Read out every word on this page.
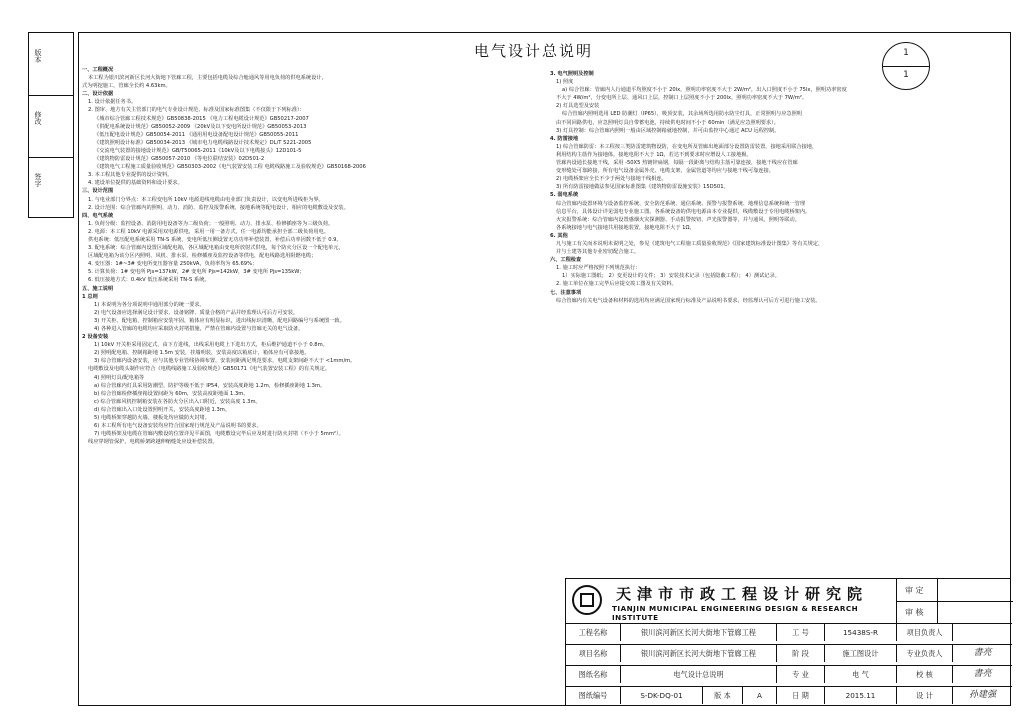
版本
修改
签字
电气设计总说明	1
1

一、工程概况

本工程为银川滨河新区长河大街地下管廊工程，主要包括电缆及综合舱通风等用电负荷的供电系统设计，

式为明挖施工，管廊全长约 4.63km。

二、设计依据

1. 设计依据任务书。

2. 图审、地方有关主管部门的电气专业设计规范、标准及国家标准图集（不仅限于下列标准）：

《城市综合管廊工程技术规范》GB50838-2015 《电力工程电缆设计规范》GB50217-2007

《供配电系统设计规范》GB50052-2009 《20kV及以下变电所设计规范》GB50053-2013

《低压配电设计规范》GB50054-2011 《通用用电设备配电设计规范》GB50055-2011

《建筑照明设计标准》GB50034-2013 《城市电力电缆线路设计技术规定》DL/T 5221-2005

《交流电气装置的接地设计规范》GB/T50065-2011《10kV及以下电缆接头》12D101-5

《建筑物防雷设计规范》GB50057-2010 《等电位联结安装》02D501-2

《建筑电气工程施工质量验收规范》GB50303-2002《电气装置安装工程 电缆线路施工及验收规范》GB50168-2006

3. 本工程其他专业提供的设计资料。

4. 建设单位提供的基础资料和设计要求。

三、设计范围

1. 与电业部门分界点：本工程变电所 10kV 电源进线电缆由电业部门负责设计，以变电所进线柜为界。

2. 设计范围：综合管廊内的照明、动力、消防、监控及报警系统、接地系统等配电设计，相应的电缆敷设及安装。

四、电气系统

1. 负荷分级：监控设备、消防用电设备等为二级负荷；一般照明、动力、排水泵、检修插座等为三级负荷。

2. 电源：本工程 10kV 电源采用双电源供电，采用一用一备方式，任一电源均能承担全部二级负荷用电。

供电系统：低压配电系统采用 TN-S 系统，变电所低压侧设置无功功率补偿装置，补偿后功率因数不低于 0.9。

3. 配电系统：综合管廊内设置区域配电箱，各区域配电箱由变电所放射式供电，每个防火分区设一个配电单元，

区域配电箱为该分区内照明、风机、排水泵、检修插座及监控设备等供电，配电线路选用阻燃电缆；

4. 变压器：1#~3# 变电所变压器容量 250kVA，负荷率均为 65.69%；

5. 计算负荷：1# 变电所 Pjs=137kW，2# 变电所 Pjs=142kW，3# 变电所 Pjs=135kW；

6. 低压接地方式：0.4kV 低压系统采用 TN-S 系统。

五、施工说明

1 总则

1) 本说明为各分项说明中通用部分的统一要求。

2) 电气设备应选择满足设计要求、设备铭牌、质量合格的产品并经监理认可后方可安装。

3) 开关柜、配电箱、控制箱应安装牢固，箱体应有明显标识，进出线标识清晰，配电回路编号与系统图一致。

4) 各种进入管廊的电缆均应采取防火封堵措施，严禁在管廊内设置与管廊无关的电气设备。

2 设备安装

1) 10kV 开关柜采用固定式，由下方进线，出线采用电缆上下进出方式，柜后维护通道不小于 0.8m。

2) 照明配电箱、控制箱距地 1.5m 安装，挂墙明装，安装高度以箱底计，箱体应有可靠接地。

3) 综合管廊内设备安装，应与其他专业管线协调布置，安装间距满足规范要求，电缆支架间距不大于 <1mm/m。

电缆敷设及电缆头制作应符合《电缆线路施工及验收规范》GB50171《电气装置安装工程》的有关规定。

4) 照明灯具/配电箱等

a) 综合管廊内灯具采用防潮型，防护等级不低于 IP54，安装高度距地 1.2m，检修插座距地 1.3m。

b) 综合管廊检修插座箱设置间距为 60m，安装高度距地面 1.3m。

c) 综合管廊风机控制箱安装在各防火分区出入口附近，安装高度 1.3m。

d) 综合管廊出入口处设置照明开关，安装高度距地 1.3m。

5) 电缆桥架穿越防火墙、楼板处均应做防火封堵。

6) 本工程所有电气设备安装均应符合国家现行规范及产品说明书的要求。

7) 电缆桥架及电缆在管廊内敷设的位置详见平面图，电缆敷设完毕后应及时进行防火封堵（不小于 5mm²）。

线应穿钢管保护，电缆桥架跨越伸缩缝处应设补偿装置。

3. 电气照明及控制

1) 照度

a) 综合管廊：管廊内人行通道平均照度不小于 20lx，照明功率密度不大于 2W/m²，出入口照度不小于 75lx，照明功率密度

不大于 4W/m²，分变电所上层、通风口上层，控制口上层照度不小于 200lx，照明功率密度不大于 7W/m²。

2) 灯具选型及安装

综合管廊内照明选用 LED 防潮灯（IP65），吸顶安装，其余场所选用防水防尘灯具，正常照明与应急照明

由不同回路供电，应急照明灯具自带蓄电池，持续供电时间不小于 60min（满足应急照明要求）。

3) 灯具控制：综合管廊内照明一般由区域控制箱就地控制，并可由监控中心通过 ACU 远程控制。

4. 防雷接地

1) 综合管廊防雷：本工程按三类防雷建筑物设防，在变电所及管廊出地面部分设置防雷装置。接地采用联合接地，

利用结构主筋作为接地体，接地电阻不大于 1Ω，若达不到要求时应增设人工接地极。

管廊内设通长接地干线，采用 -50X5 热镀锌扁钢，每隔一段距离与结构主筋可靠连接，接地干线应在管廊

变形缝处可靠跨接，所有电气设备金属外壳、电缆支架、金属管道等均应与接地干线可靠连接。

2) 电缆桥架应全长不少于两处与接地干线相连。

3) 所有防雷接地做法参见国家标准图集《建筑物防雷设施安装》15D501。

5. 弱电系统

综合管廊内设置环境与设备监控系统、安全防范系统、通信系统、预警与报警系统、地理信息系统和统一管理

信息平台，具体设计详见弱电专业施工图。各系统设备的供电电源由本专业提供，线缆敷设于专用电缆桥架内。

火灾报警系统：综合管廊内设置感烟火灾探测器、手动报警按钮、声光报警器等，并与通风、照明等联动。

各系统接地与电气接地共用接地装置，接地电阻不大于 1Ω。

6. 其他

凡与施工有关而本说明未说明之处，参见《建筑电气工程施工质量验收规范》《国家建筑标准设计图集》等有关规定，

并与土建等其他专业密切配合施工。

六、工程检查

1. 施工时应严格按照下列规范执行：

1）实际施工图纸； 2）变更设计的文件； 3）安装技术记录（包括隐蔽工程）； 4）测试记录。

2. 施工单位在施工完毕后应提交竣工图及有关资料。

七、注意事项

综合管廊内有关电气设备和材料的选用均应满足国家现行标准及产品说明书要求，经监理认可后方可进行施工安装。

天津市市政工程设计研究院
TIANJIN MUNICIPAL ENGINEERING DESIGN & RESEARCH INSTITUTE
审 定
审 核
工程名称	银川滨河新区长河大街地下管廊工程	工 号	15438S-R	项目负责人
项目名称	银川滨河新区长河大街地下管廊工程	阶 段	施工图设计	专业负责人	書亮
图纸名称	电气设计总说明	专 业	电 气	校 核	書亮
图纸编号	S-DK-DQ-01	版 本	A	日 期	2015.11	设 计	孙建强
